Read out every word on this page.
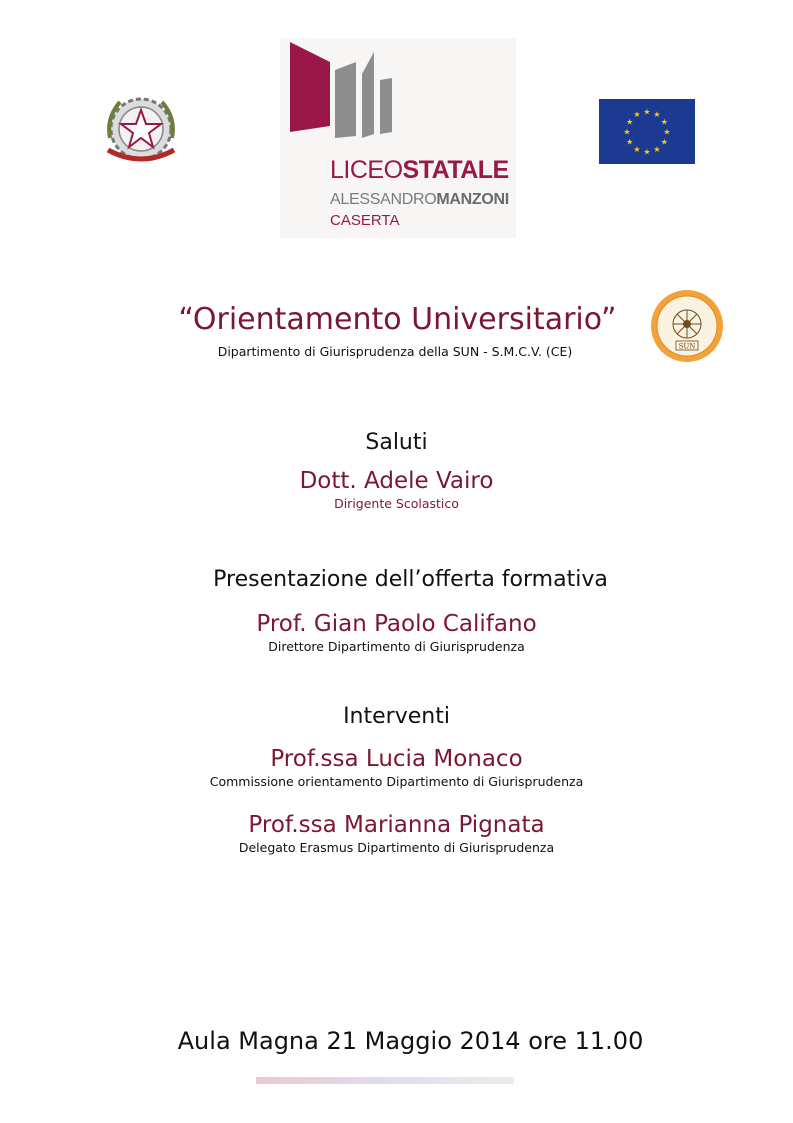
LICEOSTATALE
ALESSANDROMANZONI
CASERTA
★ ★
★
★
★
★
★
★
★
★
★
★
SUN
“Orientamento Universitario”
Dipartimento di Giurisprudenza della SUN - S.M.C.V. (CE)
Saluti
Dott. Adele Vairo
Dirigente Scolastico
Presentazione dell’offerta formativa
Prof. Gian Paolo Califano
Direttore Dipartimento di Giurisprudenza
Interventi
Prof.ssa Lucia Monaco
Commissione orientamento Dipartimento di Giurisprudenza
Prof.ssa Marianna Pignata
Delegato Erasmus Dipartimento di Giurisprudenza
Aula Magna 21 Maggio 2014 ore 11.00
